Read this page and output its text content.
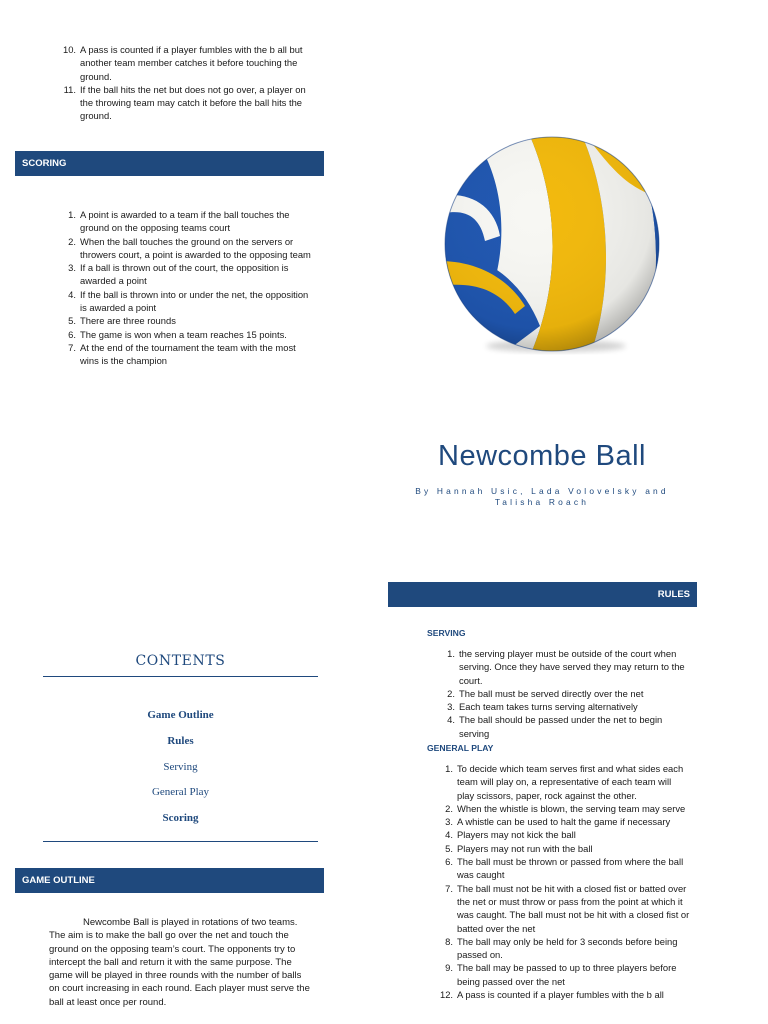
10. A pass is counted if a player fumbles with the b all but another team member catches it before touching the ground.
11. If the ball hits the net but does not go over, a player on the throwing team may catch it before the ball hits the ground.
SCORING
1. A point is awarded to a team if the ball touches the ground on the opposing teams court
2. When the ball touches the ground on the servers or throwers court, a point is awarded to the opposing team
3. If a ball is thrown out of the court, the opposition is awarded a point
4. If the ball is thrown into or under the net, the opposition is awarded a point
5. There are three rounds
6. The game is won when a team reaches 15 points.
7. At the end of the tournament the team with the most wins is the champion
CONTENTS
Game Outline
Rules
Serving
General Play
Scoring
GAME OUTLINE
Newcombe Ball is played in rotations of two teams. The aim is to make the ball go over the net and touch the ground on the opposing team’s court. The opponents try to intercept the ball and return it with the same purpose. The game will be played in three rounds with the number of balls on court increasing in each round. Each player must serve the ball at least once per round.
Newcombe Ball
By Hannah Usic, Lada Volovelsky and Talisha Roach
RULES
SERVING
1. the serving player must be outside of the court when serving. Once they have served they may return to the court.
2. The ball must be served directly over the net
3. Each team takes turns serving alternatively
4. The ball should be passed under the net to begin serving
GENERAL PLAY
1. To decide which team serves first and what sides each team will play on, a representative of each team will play scissors, paper, rock against the other.
2. When the whistle is blown, the serving team may serve
3. A whistle can be used to halt the game if necessary
4. Players may not kick the ball
5. Players may not run with the ball
6. The ball must be thrown or passed from where the ball was caught
7. The ball must not be hit with a closed fist or batted over the net or must throw or pass from the point at which it was caught. The ball must not be hit with a closed fist or batted over the net
8. The ball may only be held for 3 seconds before being passed on.
9. The ball may be passed to up to three players before being passed over the net
12. A pass is counted if a player fumbles with the b all
